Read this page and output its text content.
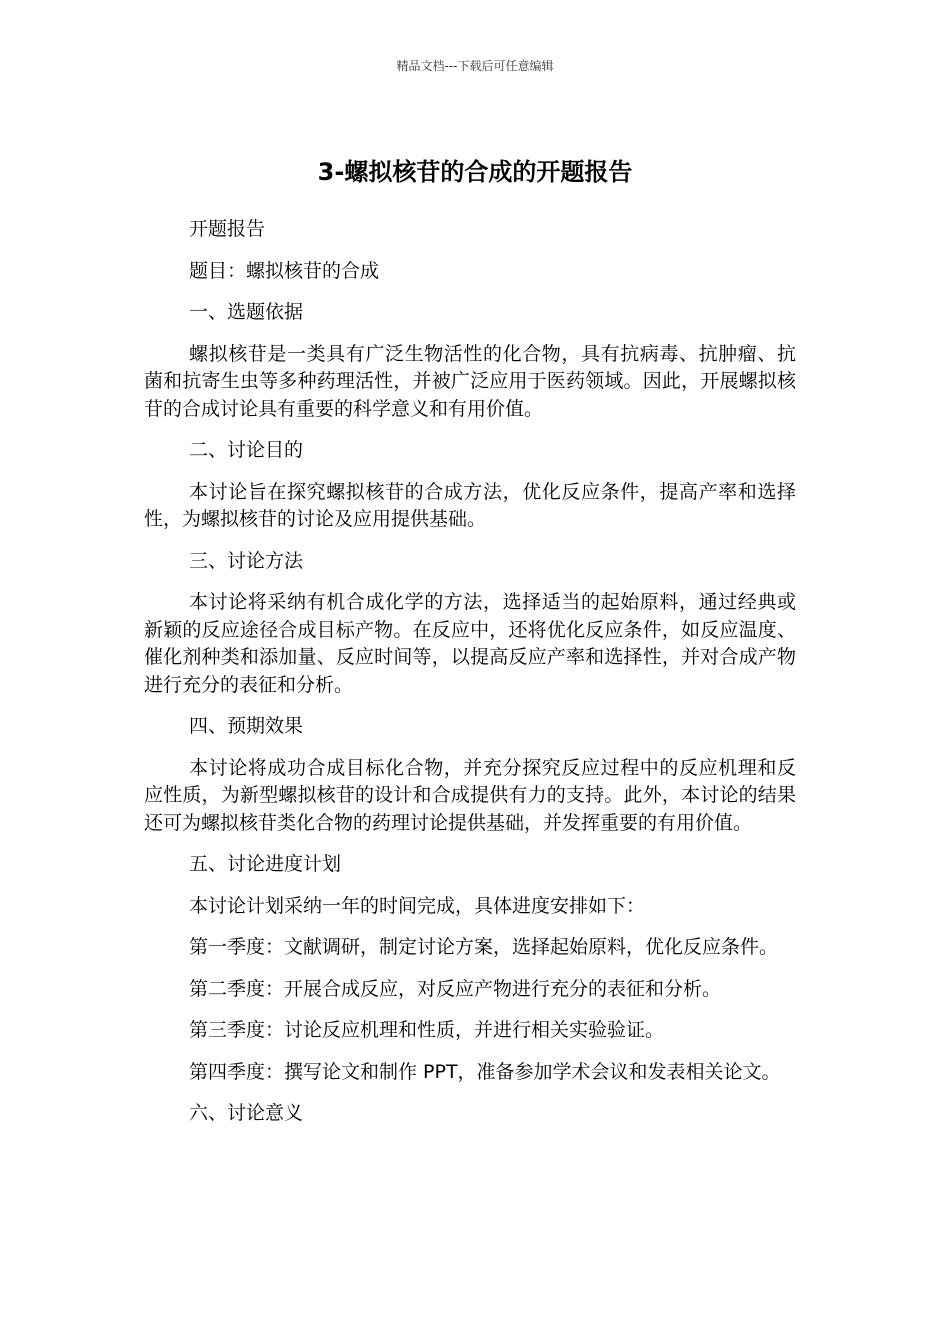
精品文档---下载后可任意编辑
3-螺拟核苷的合成的开题报告

开题报告

题目：螺拟核苷的合成

一、选题依据

螺拟核苷是一类具有广泛生物活性的化合物，具有抗病毒、抗肿瘤、抗菌和抗寄生虫等多种药理活性，并被广泛应用于医药领域。因此，开展螺拟核苷的合成讨论具有重要的科学意义和有用价值。

二、讨论目的

本讨论旨在探究螺拟核苷的合成方法，优化反应条件，提高产率和选择性，为螺拟核苷的讨论及应用提供基础。

三、讨论方法

本讨论将采纳有机合成化学的方法，选择适当的起始原料，通过经典或新颖的反应途径合成目标产物。在反应中，还将优化反应条件，如反应温度、催化剂种类和添加量、反应时间等，以提高反应产率和选择性，并对合成产物进行充分的表征和分析。

四、预期效果

本讨论将成功合成目标化合物，并充分探究反应过程中的反应机理和反应性质，为新型螺拟核苷的设计和合成提供有力的支持。此外，本讨论的结果还可为螺拟核苷类化合物的药理讨论提供基础，并发挥重要的有用价值。

五、讨论进度计划

本讨论计划采纳一年的时间完成，具体进度安排如下：

第一季度：文献调研，制定讨论方案，选择起始原料，优化反应条件。

第二季度：开展合成反应，对反应产物进行充分的表征和分析。

第三季度：讨论反应机理和性质，并进行相关实验验证。

第四季度：撰写论文和制作 PPT，准备参加学术会议和发表相关论文。

六、讨论意义
